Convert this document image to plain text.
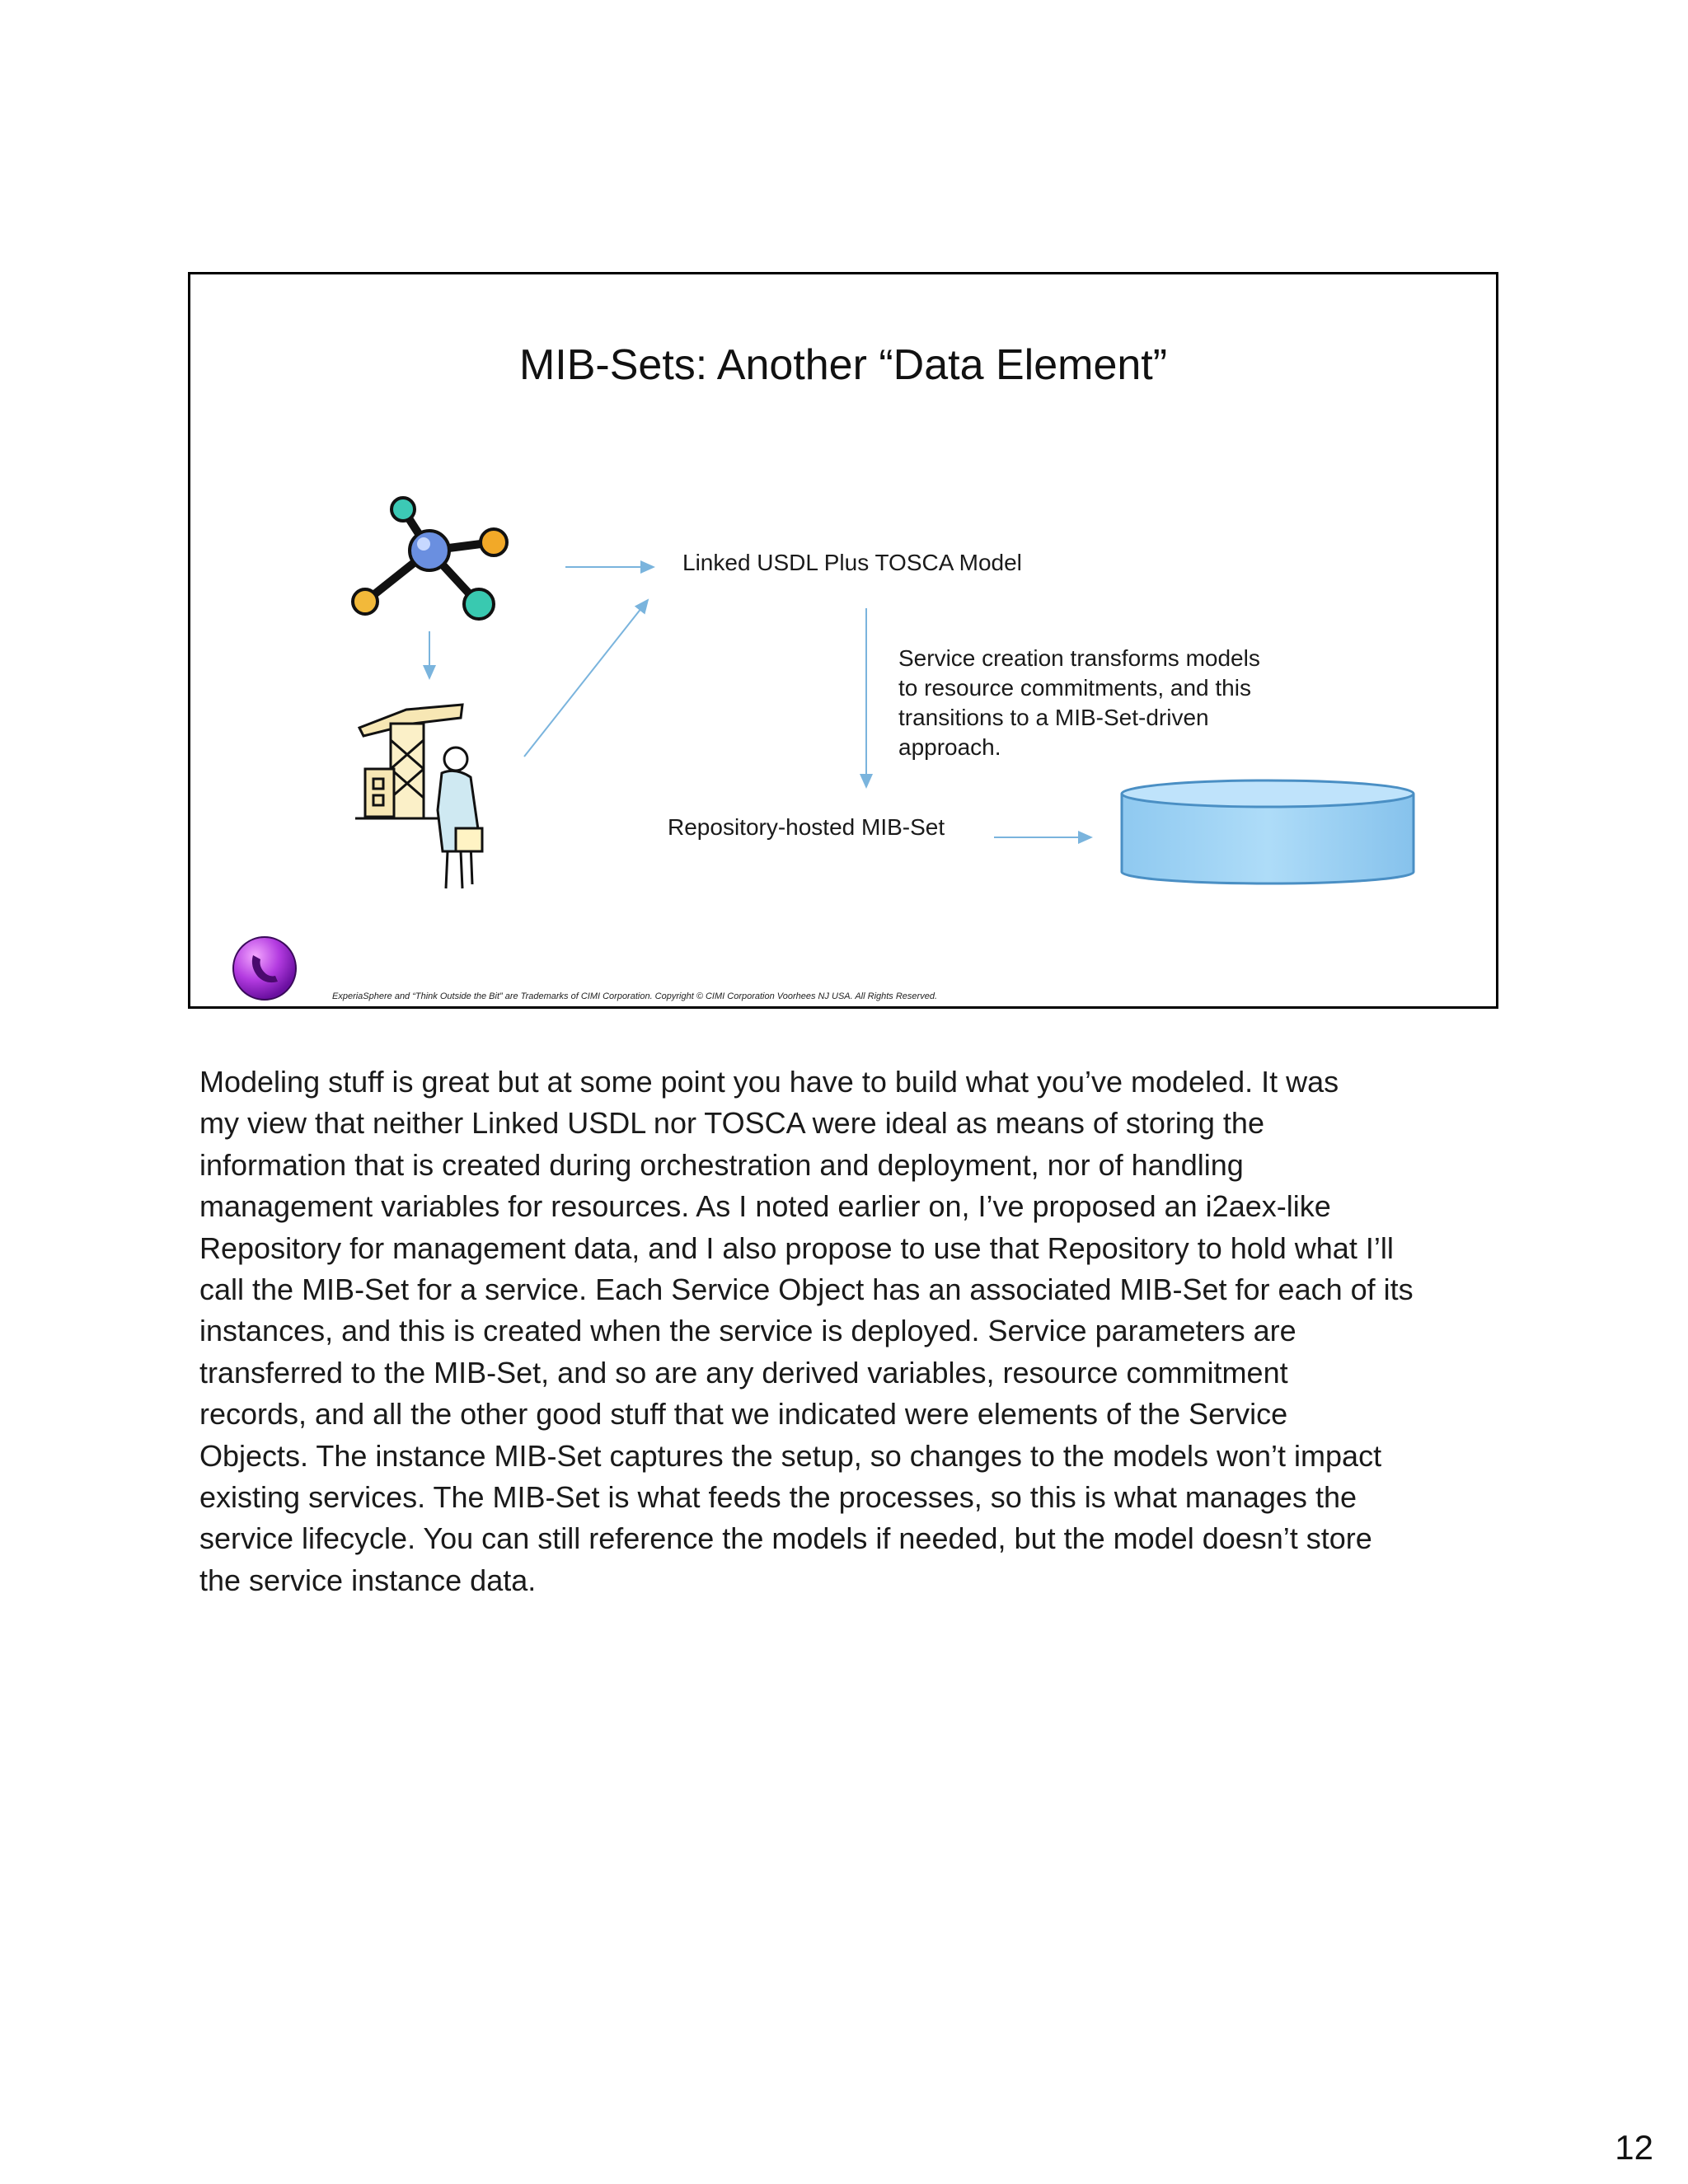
MIB-Sets: Another “Data Element”
Linked USDL Plus TOSCA Model

Service creation transforms models
to resource commitments, and this
transitions to a MIB-Set-driven
approach.

Repository-hosted MIB-Set
ExperiaSphere and “Think Outside the Bit” are Trademarks of CIMI Corporation. Copyright © CIMI Corporation Voorhees NJ USA. All Rights Reserved.
Modeling stuff is great but at some point you have to build what you’ve modeled. It was
my view that neither Linked USDL nor TOSCA were ideal as means of storing the
information that is created during orchestration and deployment, nor of handling
management variables for resources. As I noted earlier on, I’ve proposed an i2aex-like
Repository for management data, and I also propose to use that Repository to hold what I’ll
call the MIB-Set for a service. Each Service Object has an associated MIB-Set for each of its
instances, and this is created when the service is deployed. Service parameters are
transferred to the MIB-Set, and so are any derived variables, resource commitment
records, and all the other good stuff that we indicated were elements of the Service
Objects. The instance MIB-Set captures the setup, so changes to the models won’t impact
existing services. The MIB-Set is what feeds the processes, so this is what manages the
service lifecycle. You can still reference the models if needed, but the model doesn’t store
the service instance data.
12
